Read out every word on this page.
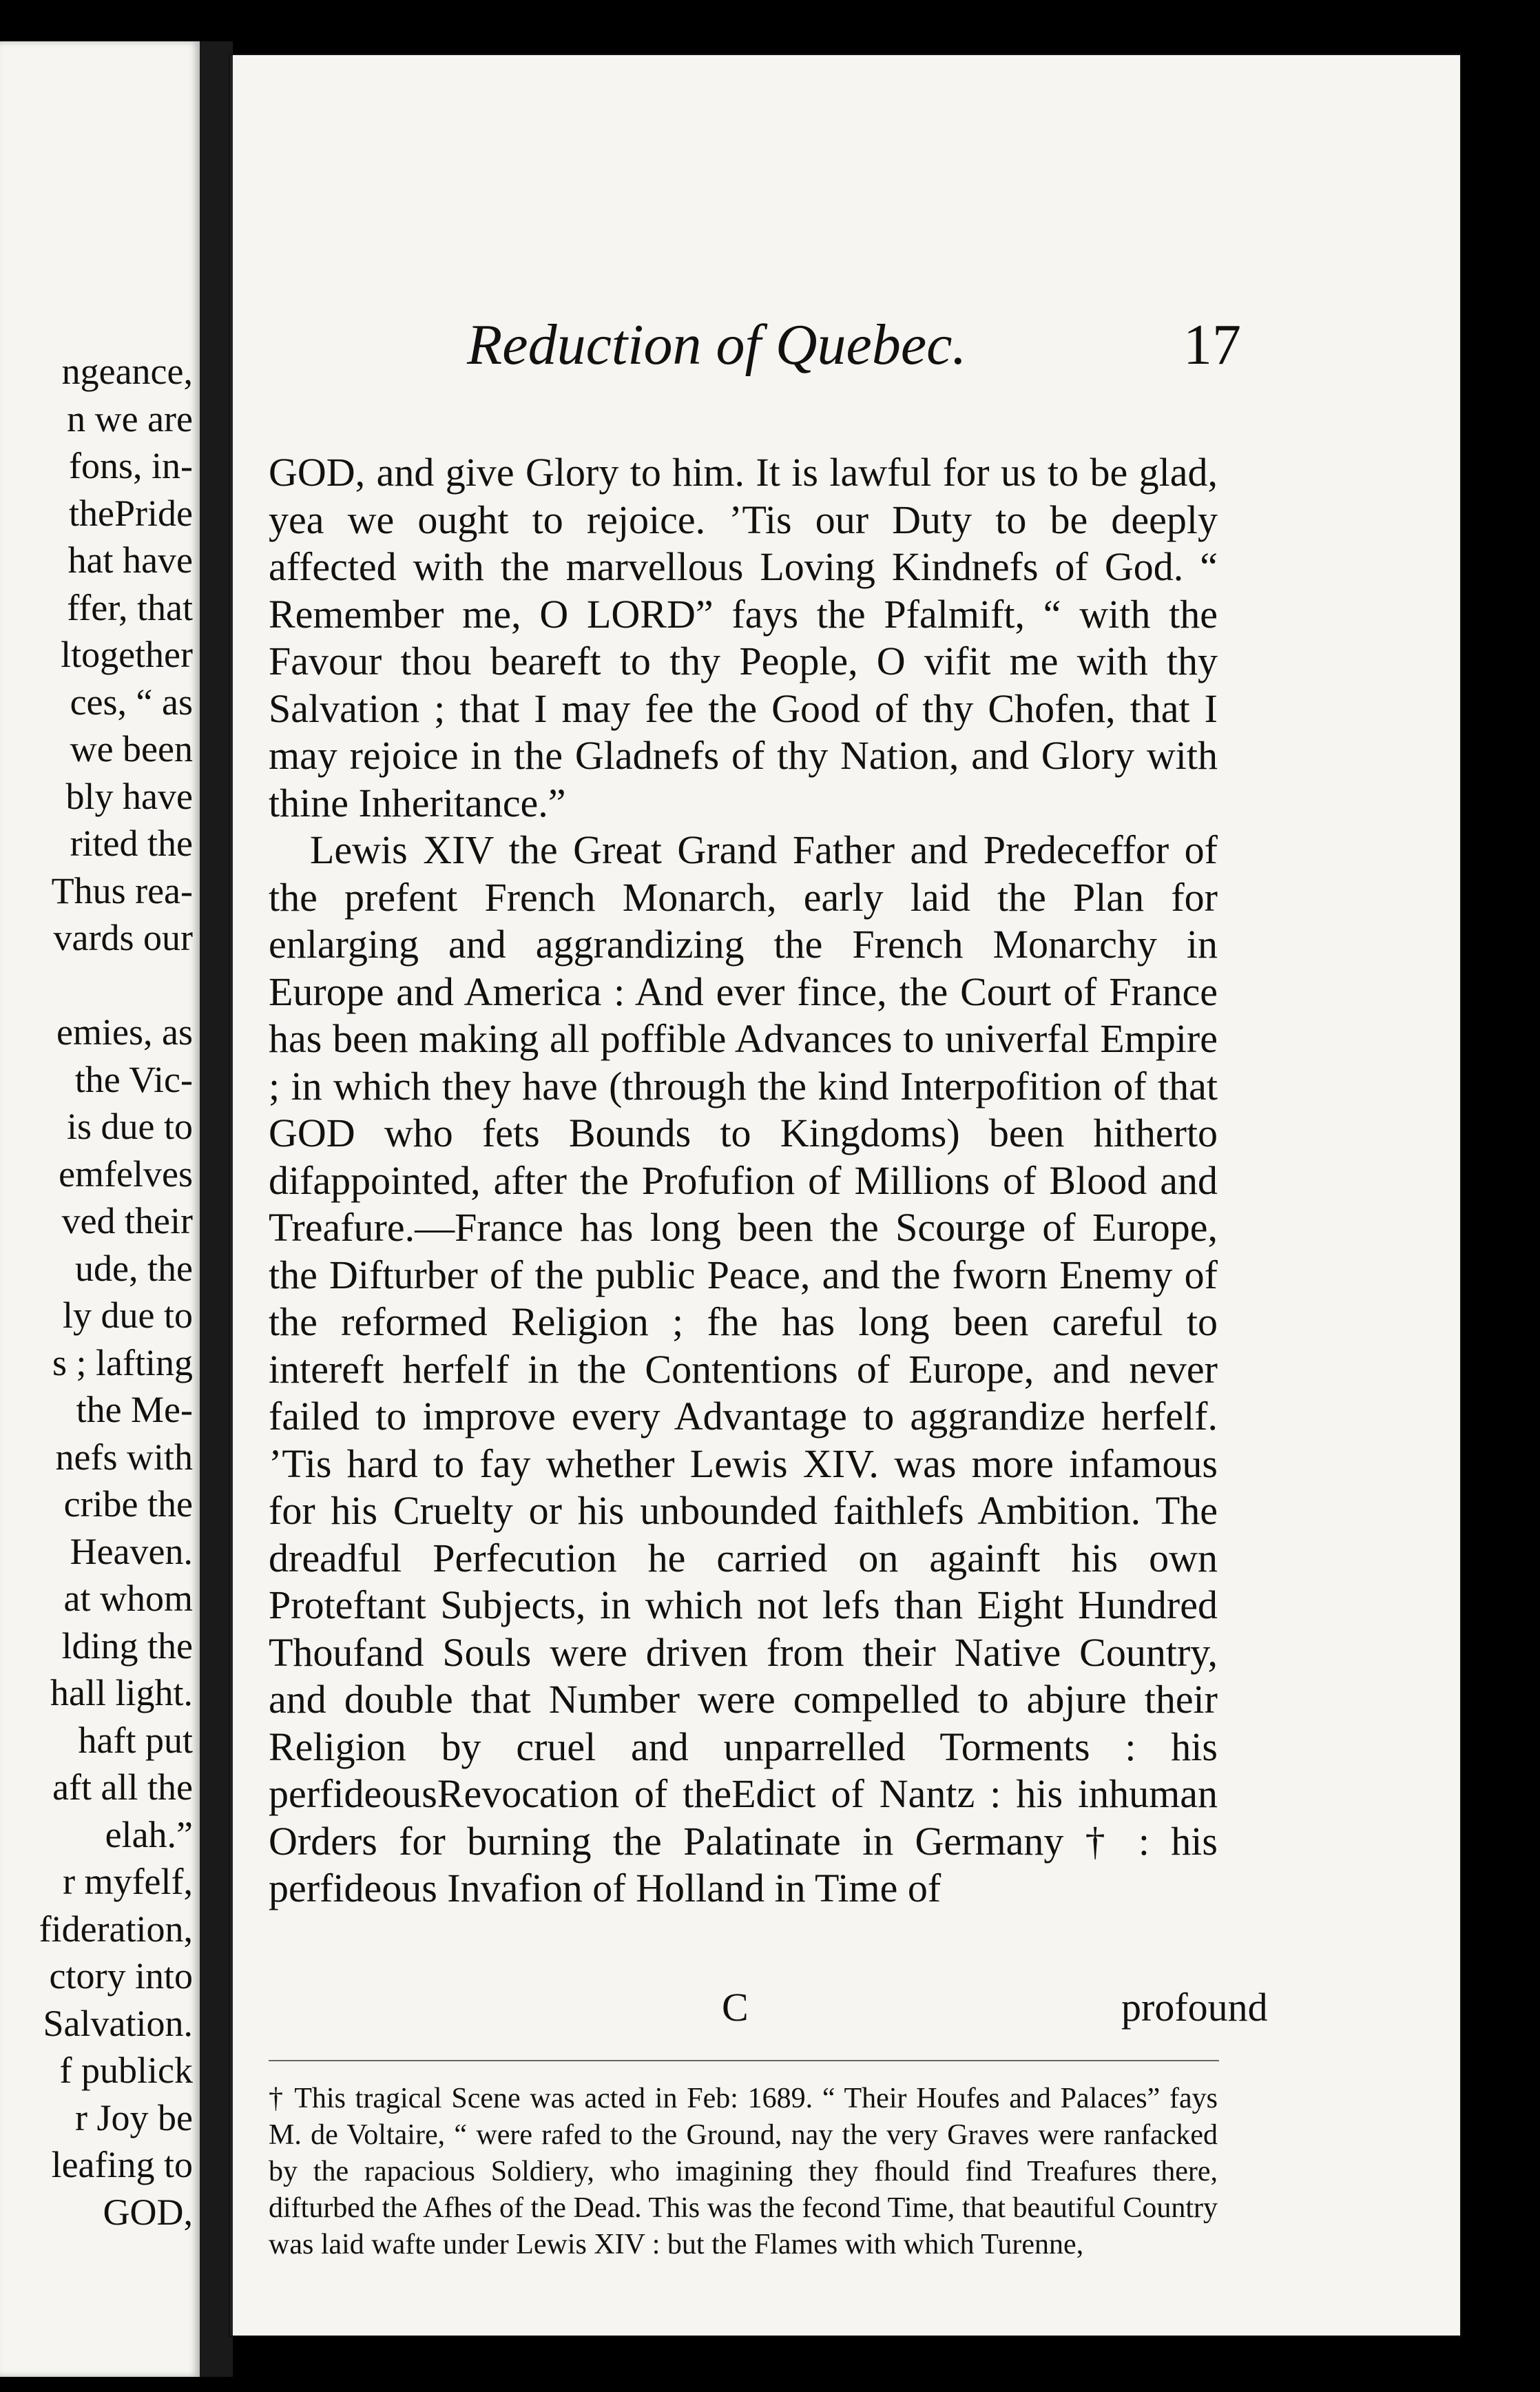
ngeance,
n we are
fons, in-
thePride
hat have
ffer, that
ltogether
ces, “ as
we been
bly have
rited the
Thus rea-
vards our
emies, as
the Vic-
is due to
emfelves
ved their
ude, the
ly due to
s ; lafting
the Me-
nefs with
cribe the
Heaven.
at whom
lding the
hall light.
haft put
aft all the
elah.”
r myfelf,
fideration,
ctory into
Salvation.
f publick
r Joy be
leafing to
GOD,
Reduction of Quebec.	17

GOD, and give Glory to him. It is lawful for us to be glad, yea we ought to rejoice. ’Tis our Duty to be deeply affected with the marvellous Loving Kindnefs of God. “ Remember me, O LORD” fays the Pfalmift, “ with the Favour thou beareft to thy People, O vifit me with thy Salvation ; that I may fee the Good of thy Chofen, that I may rejoice in the Gladnefs of thy Nation, and Glory with thine Inheritance.”

Lewis XIV the Great Grand Father and Predeceffor of the prefent French Monarch, early laid the Plan for enlarging and aggrandizing the French Monarchy in Europe and America : And ever fince, the Court of France has been making all poffible Advances to univerfal Empire ; in which they have (through the kind Interpofition of that GOD who fets Bounds to Kingdoms) been hitherto difappointed, after the Profufion of Millions of Blood and Treafure.—France has long been the Scourge of Europe, the Difturber of the public Peace, and the fworn Enemy of the reformed Religion ; fhe has long been careful to intereft herfelf in the Contentions of Europe, and never failed to improve every Advantage to aggrandize herfelf. ’Tis hard to fay whether Lewis XIV. was more infamous for his Cruelty or his unbounded faithlefs Ambition. The dreadful Perfecution he carried on againft his own Proteftant Subjects, in which not lefs than Eight Hundred Thoufand Souls were driven from their Native Country, and double that Number were compelled to abjure their Religion by cruel and unparrelled Torments : his perfideousRevocation of theEdict of Nantz : his inhuman Orders for burning the Palatinate in Germany † : his perfideous Invafion of Holland in Time of

C	profound
† This tragical Scene was acted in Feb: 1689. “ Their Houfes and Palaces” fays M. de Voltaire, “ were rafed to the Ground, nay the very Graves were ranfacked by the rapacious Soldiery, who imagining they fhould find Treafures there, difturbed the Afhes of the Dead. This was the fecond Time, that beautiful Country was laid wafte under Lewis XIV : but the Flames with which Turenne,
